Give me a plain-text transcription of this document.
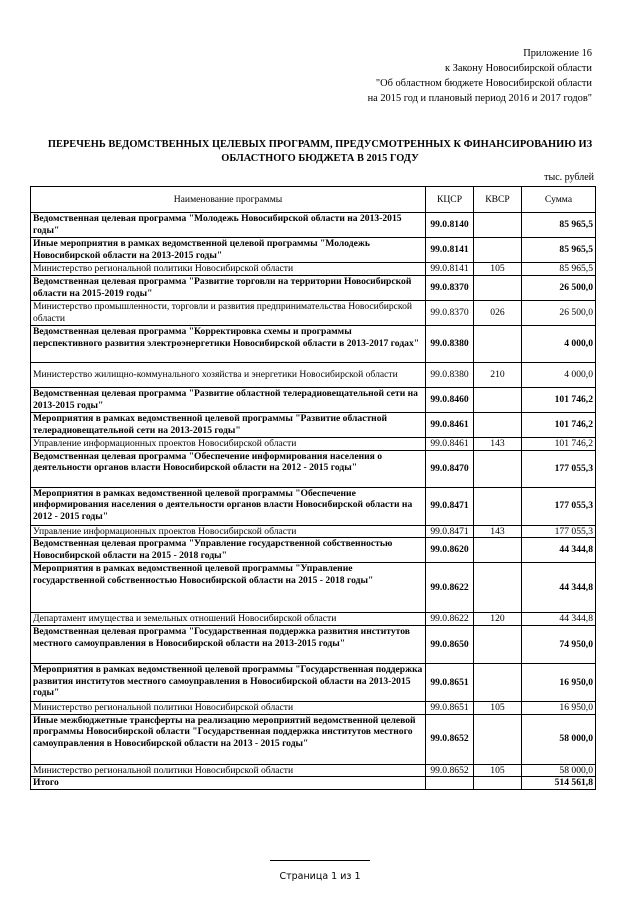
Приложение 16
к Закону Новосибирской области
"Об областном бюджете Новосибирской области
на 2015 год и плановый период 2016 и 2017 годов"
ПЕРЕЧЕНЬ ВЕДОМСТВЕННЫХ ЦЕЛЕВЫХ ПРОГРАММ, ПРЕДУСМОТРЕННЫХ К ФИНАНСИРОВАНИЮ ИЗ
ОБЛАСТНОГО БЮДЖЕТА В 2015 ГОДУ
тыс. рублей
Наименование программы	КЦСР	КВСР	Сумма
Ведомственная целевая программа "Молодежь Новосибирской области на 2013-2015 годы"	99.0.8140		85 965,5
Иные мероприятия в рамках ведомственной целевой программы "Молодежь Новосибирской области на 2013-2015 годы"	99.0.8141		85 965,5
Министерство региональной политики Новосибирской области	99.0.8141	105	85 965,5
Ведомственная целевая программа "Развитие торговли на территории Новосибирской области на 2015-2019 годы"	99.0.8370		26 500,0
Министерство промышленности, торговли и развития предпринимательства Новосибирской области	99.0.8370	026	26 500,0
Ведомственная целевая программа "Корректировка схемы и программы перспективного развития электроэнергетики Новосибирской области в 2013-2017 годах"	99.0.8380		4 000,0
Министерство жилищно-коммунального хозяйства и энергетики Новосибирской области	99.0.8380	210	4 000,0
Ведомственная целевая программа "Развитие областной телерадиовещательной сети на 2013-2015 годы"	99.0.8460		101 746,2
Мероприятия в рамках ведомственной целевой программы "Развитие областной телерадиовещательной сети на 2013-2015 годы"	99.0.8461		101 746,2
Управление информационных проектов Новосибирской области	99.0.8461	143	101 746,2
Ведомственная целевая программа "Обеспечение информирования населения о деятельности органов власти Новосибирской области на 2012 - 2015 годы"	99.0.8470		177 055,3
Мероприятия в рамках ведомственной целевой программы "Обеспечение информирования населения о деятельности органов власти Новосибирской области на 2012 - 2015 годы"	99.0.8471		177 055,3
Управление информационных проектов Новосибирской области	99.0.8471	143	177 055,3
Ведомственная целевая программа "Управление государственной собственностью Новосибирской области на 2015 - 2018 годы"	99.0.8620		44 344,8
Мероприятия в рамках ведомственной целевой программы "Управление государственной собственностью Новосибирской области на 2015 - 2018 годы"	99.0.8622		44 344,8
Департамент имущества и земельных отношений Новосибирской области	99.0.8622	120	44 344,8
Ведомственная целевая программа "Государственная поддержка развития институтов местного самоуправления в Новосибирской области на 2013-2015 годы"	99.0.8650		74 950,0
Мероприятия в рамках ведомственной целевой программы "Государственная поддержка развития институтов местного самоуправления в Новосибирской области на 2013-2015 годы"	99.0.8651		16 950,0
Министерство региональной политики Новосибирской области	99.0.8651	105	16 950,0
Иные межбюджетные трансферты на реализацию мероприятий ведомственной целевой программы Новосибирской области "Государственная поддержка институтов местного самоуправления в Новосибирской области на 2013 - 2015 годы"	99.0.8652		58 000,0
Министерство региональной политики Новосибирской области	99.0.8652	105	58 000,0
Итого			514 561,8
Страница 1 из 1
